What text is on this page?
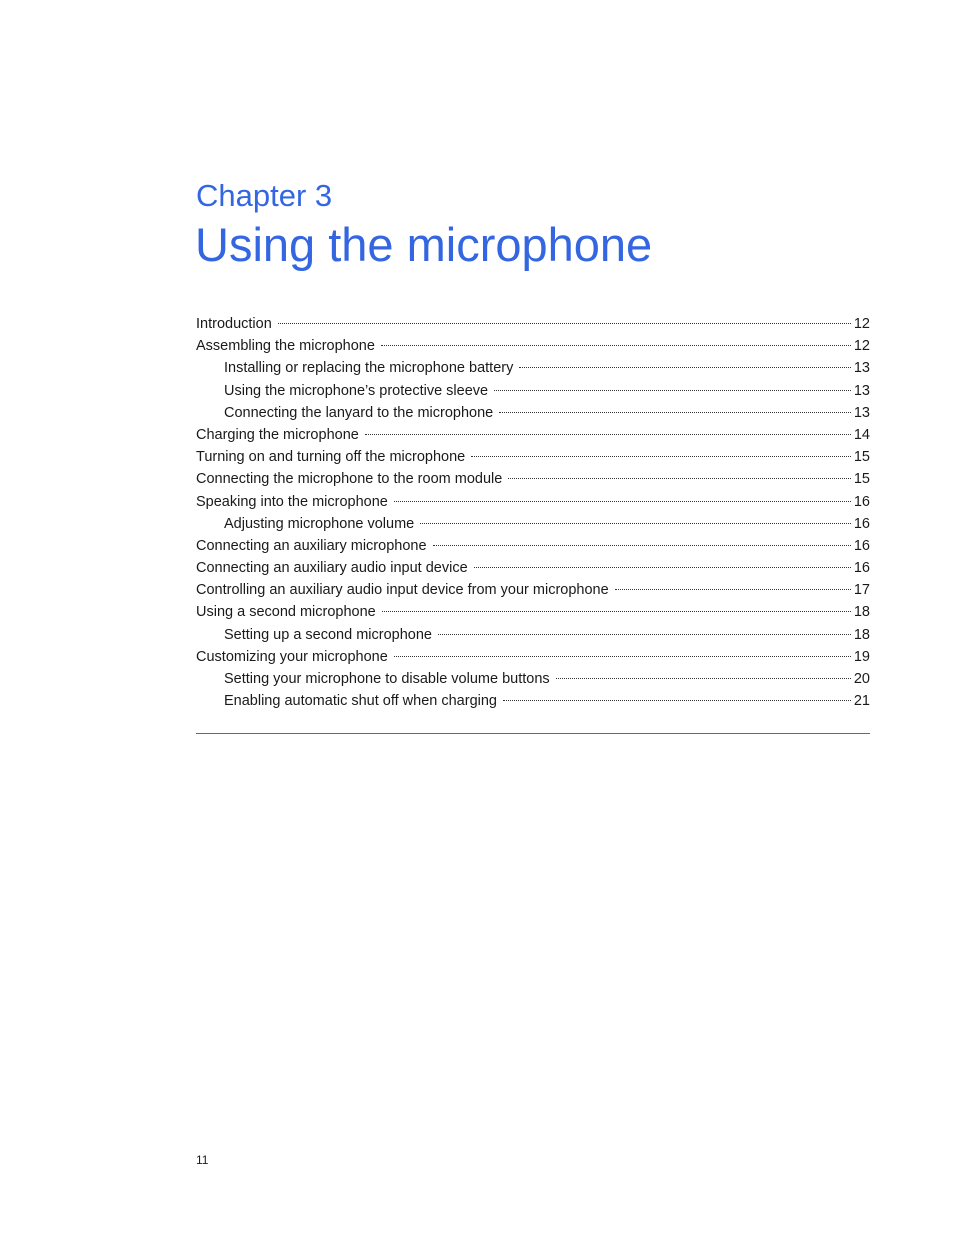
Chapter 3
Using the microphone
Introduction	12
Assembling the microphone	12
Installing or replacing the microphone battery	13
Using the microphone’s protective sleeve	13
Connecting the lanyard to the microphone	13
Charging the microphone	14
Turning on and turning off the microphone	15
Connecting the microphone to the room module	15
Speaking into the microphone	16
Adjusting microphone volume	16
Connecting an auxiliary microphone	16
Connecting an auxiliary audio input device	16
Controlling an auxiliary audio input device from your microphone	17
Using a second microphone	18
Setting up a second microphone	18
Customizing your microphone	19
Setting your microphone to disable volume buttons	20
Enabling automatic shut off when charging	21
11
